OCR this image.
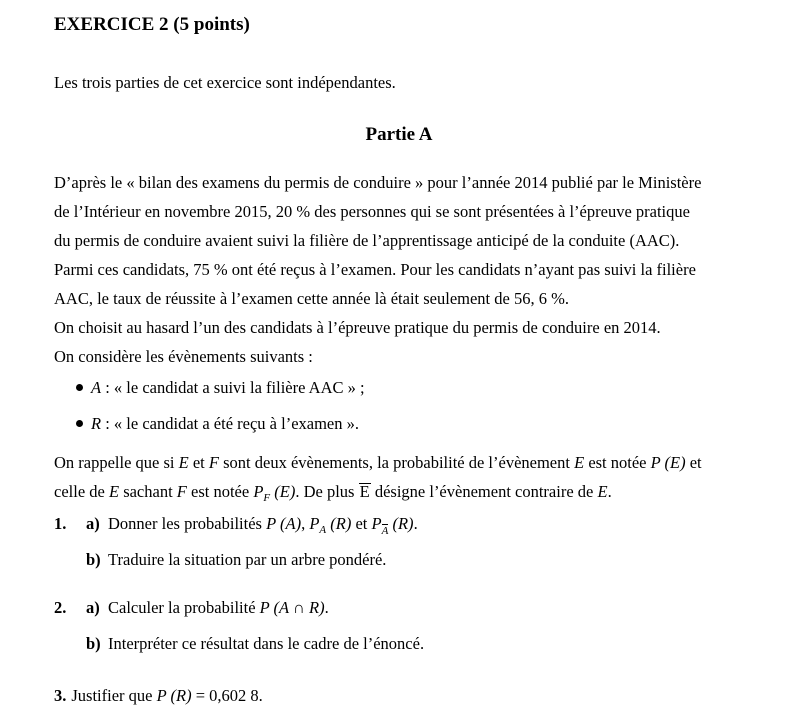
EXERCICE 2 (5 points)
Les trois parties de cet exercice sont indépendantes.
Partie A
D’après le « bilan des examens du permis de conduire » pour l’année 2014 publié par le Ministère
de l’Intérieur en novembre 2015, 20 % des personnes qui se sont présentées à l’épreuve pratique
du permis de conduire avaient suivi la filière de l’apprentissage anticipé de la conduite (AAC).
Parmi ces candidats, 75 % ont été reçus à l’examen. Pour les candidats n’ayant pas suivi la filière
AAC, le taux de réussite à l’examen cette année là était seulement de 56, 6 %.
On choisit au hasard l’un des candidats à l’épreuve pratique du permis de conduire en 2014.
On considère les évènements suivants :
A : « le candidat a suivi la filière AAC » ;
R : « le candidat a été reçu à l’examen ».
On rappelle que si E et F sont deux évènements, la probabilité de l’évènement E est notée P (E) et
celle de E sachant F est notée $P_F$ (E). De plus E désigne l’évènement contraire de E.
1. a) Donner les probabilités P (A), $P_A$ (R) et PA (R).
b) Traduire la situation par un arbre pondéré.
2. a) Calculer la probabilité P (A ∩ R).
b) Interpréter ce résultat dans le cadre de l’énoncé.
3. Justifier que P (R) = 0,602 8.
